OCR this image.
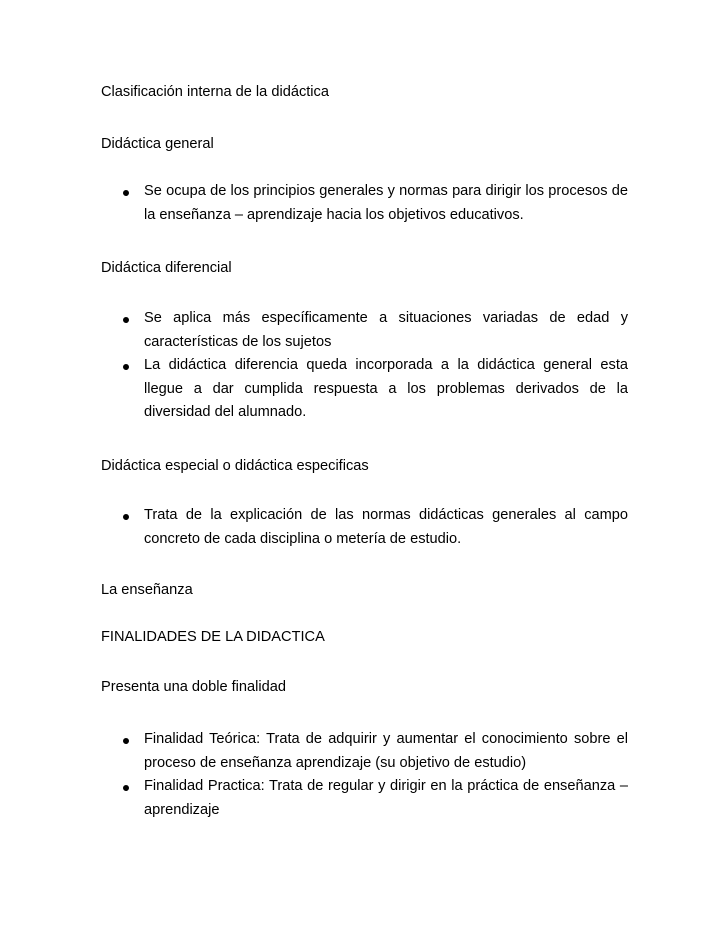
Clasificación interna de la didáctica
Didáctica general
Se ocupa de los principios generales y normas para dirigir los procesos de la enseñanza – aprendizaje hacia los objetivos educativos.
Didáctica diferencial
Se aplica más específicamente a situaciones variadas de edad y características de los sujetos
La didáctica diferencia queda incorporada a la didáctica general esta llegue a dar cumplida respuesta a los problemas derivados de la diversidad del alumnado.
Didáctica especial o didáctica especificas
Trata de la explicación de las normas didácticas generales al campo concreto de cada disciplina o metería de estudio.
La enseñanza
FINALIDADES DE LA DIDACTICA
Presenta una doble finalidad
Finalidad Teórica: Trata de adquirir y aumentar el conocimiento sobre el proceso de enseñanza aprendizaje (su objetivo de estudio)
Finalidad Practica: Trata de regular y dirigir en la práctica de enseñanza – aprendizaje
